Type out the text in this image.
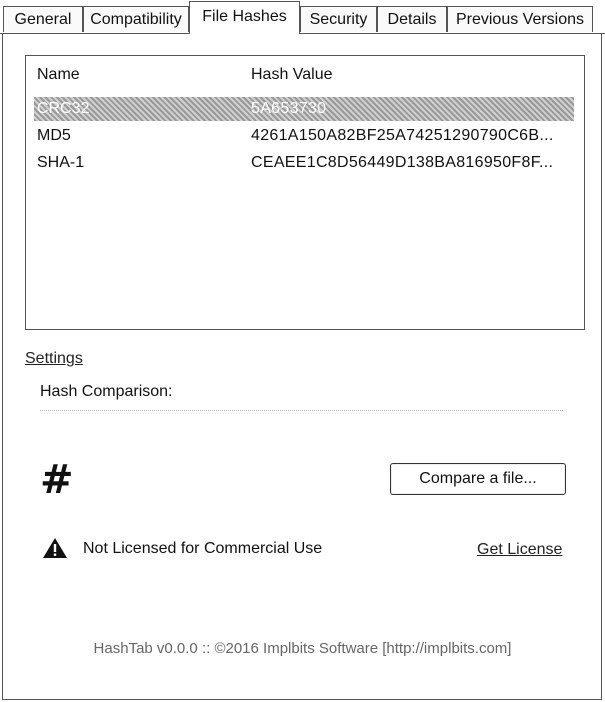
General	Compatibility	File Hashes	Security	Details	Previous Versions
Name	Hash Value
CRC32	5A653730
MD5	4261A150A82BF25A74251290790C6B...
SHA-1	CEAEE1C8D56449D138BA816950F8F...
Settings
Hash Comparison:
#	Compare a file...
Not Licensed for Commercial Use	Get License
HashTab v0.0.0 :: ©2016 Implbits Software [http://implbits.com]
